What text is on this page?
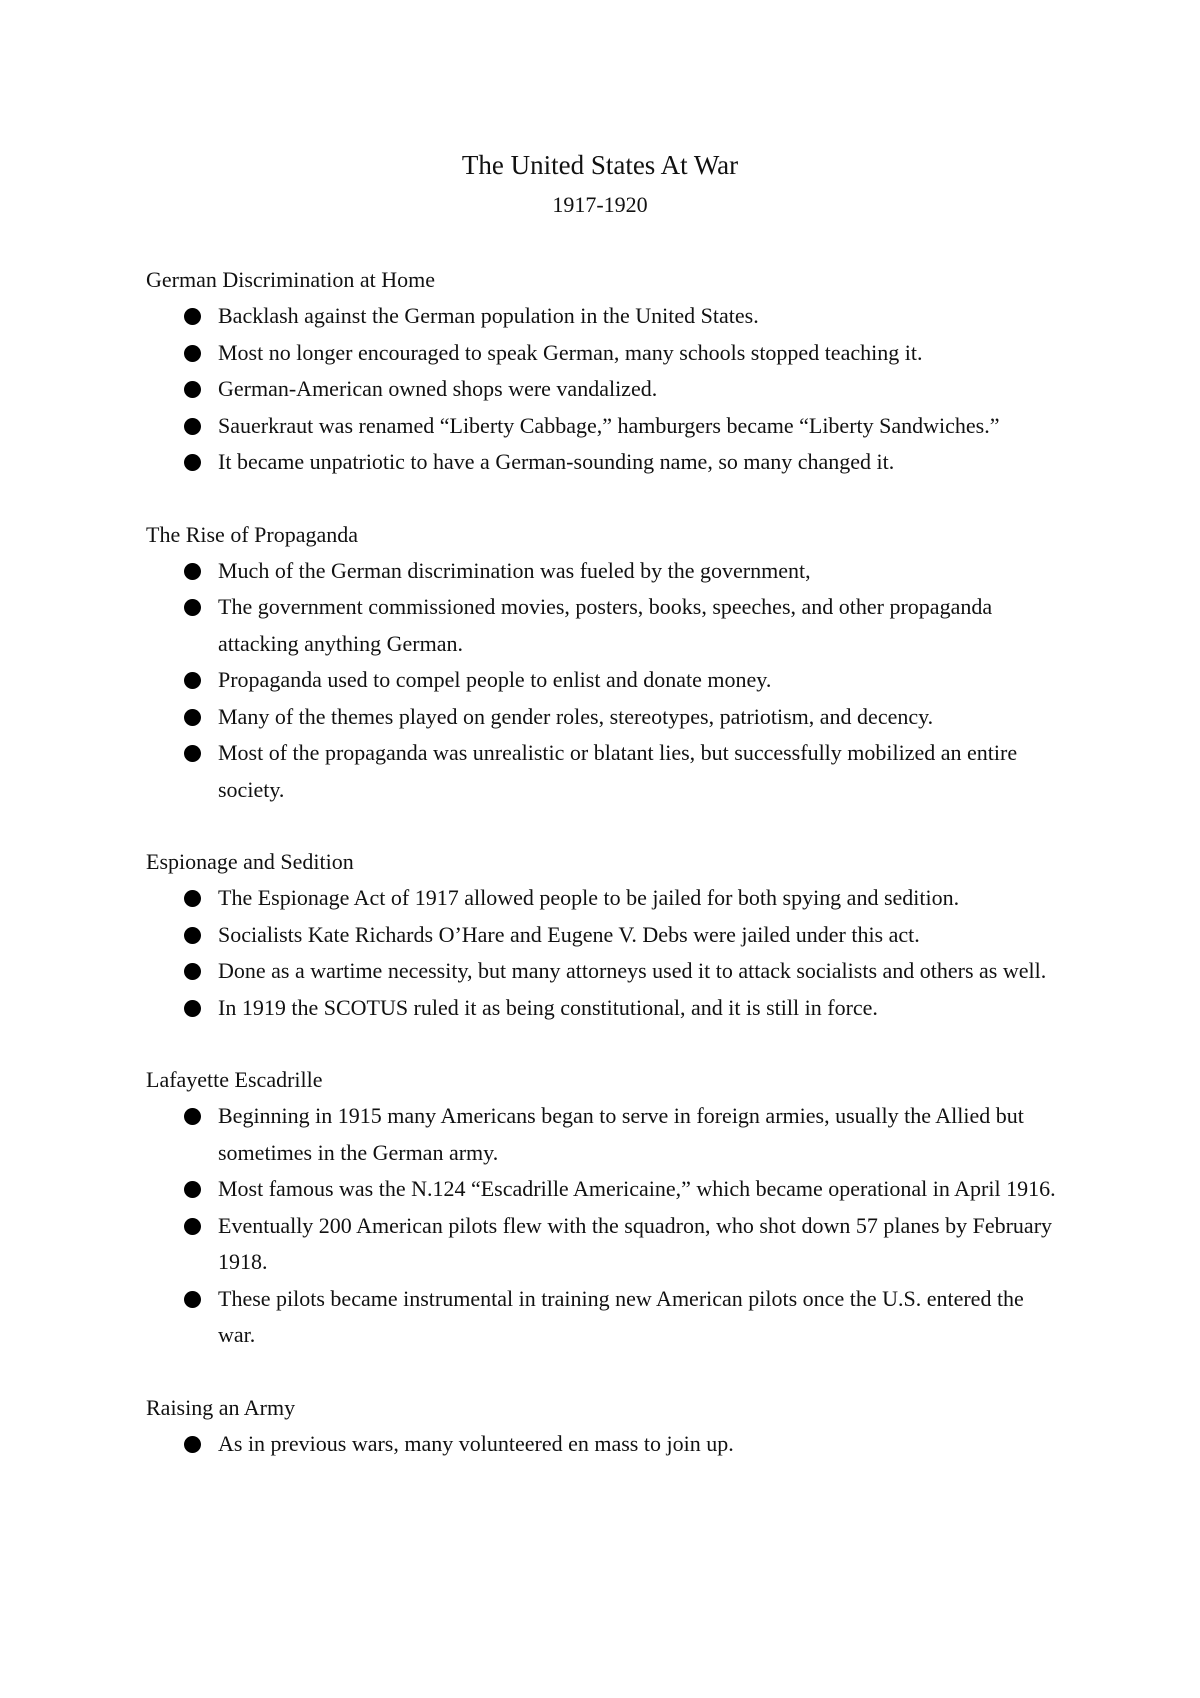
The United States At War
1917-1920
German Discrimination at Home
Backlash against the German population in the United States.
Most no longer encouraged to speak German, many schools stopped teaching it.
German-American owned shops were vandalized.
Sauerkraut was renamed “Liberty Cabbage,” hamburgers became “Liberty Sandwiches.”
It became unpatriotic to have a German-sounding name, so many changed it.
The Rise of Propaganda
Much of the German discrimination was fueled by the government,
The government commissioned movies, posters, books, speeches, and other propaganda attacking anything German.
Propaganda used to compel people to enlist and donate money.
Many of the themes played on gender roles, stereotypes, patriotism, and decency.
Most of the propaganda was unrealistic or blatant lies, but successfully mobilized an entire society.
Espionage and Sedition
The Espionage Act of 1917 allowed people to be jailed for both spying and sedition.
Socialists Kate Richards O’Hare and Eugene V. Debs were jailed under this act.
Done as a wartime necessity, but many attorneys used it to attack socialists and others as well.
In 1919 the SCOTUS ruled it as being constitutional, and it is still in force.
Lafayette Escadrille
Beginning in 1915 many Americans began to serve in foreign armies, usually the Allied but sometimes in the German army.
Most famous was the N.124 “Escadrille Americaine,” which became operational in April 1916.
Eventually 200 American pilots flew with the squadron, who shot down 57 planes by February 1918.
These pilots became instrumental in training new American pilots once the U.S. entered the war.
Raising an Army
As in previous wars, many volunteered en mass to join up.
